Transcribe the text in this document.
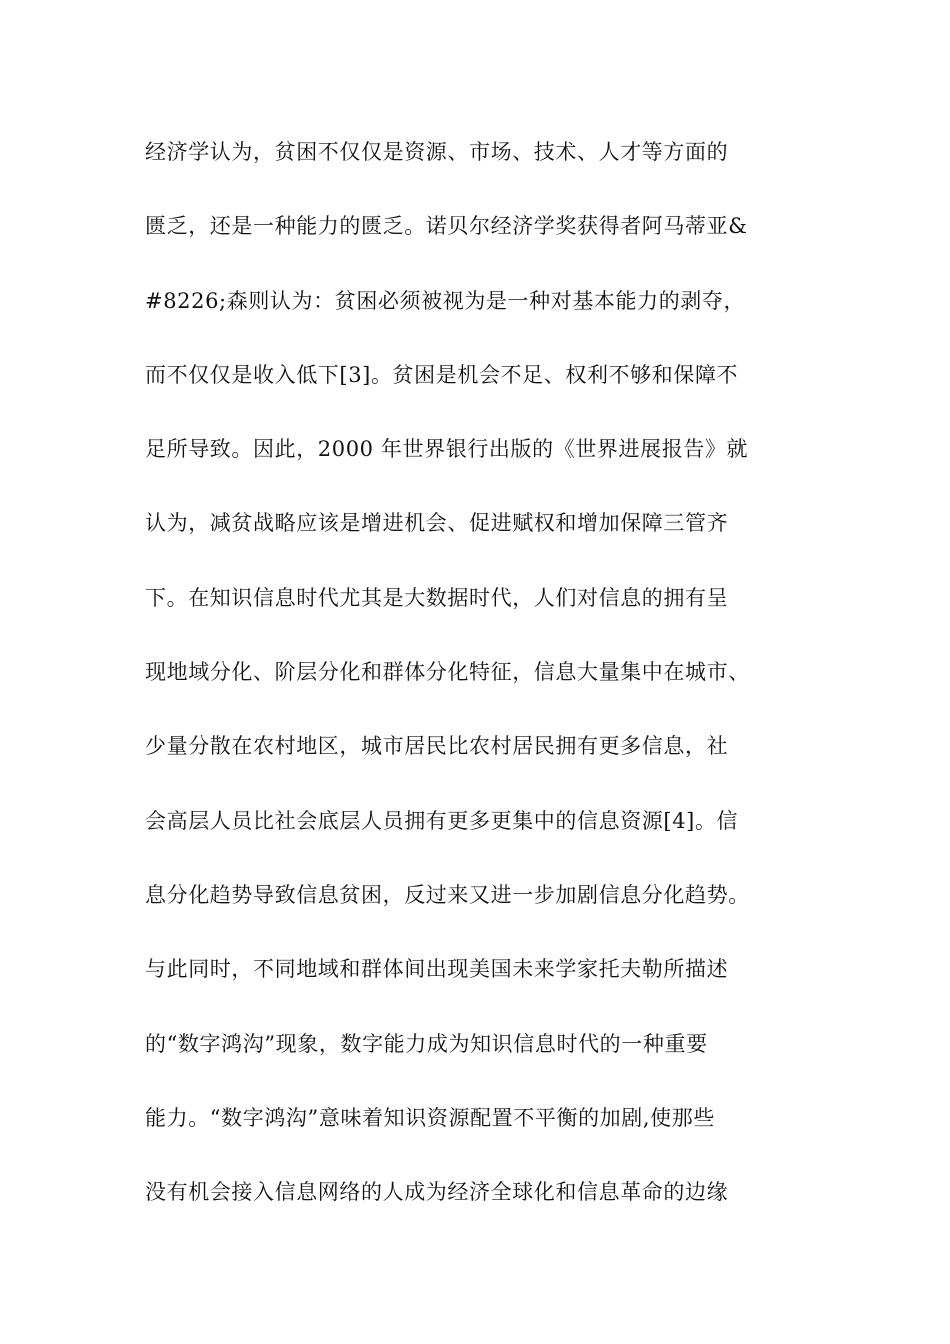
经济学认为，贫困不仅仅是资源、市场、技术、人才等方面的
匮乏，还是一种能力的匮乏。诺贝尔经济学奖获得者阿马蒂亚&
#8226;森则认为：贫困必须被视为是一种对基本能力的剥夺，
而不仅仅是收入低下[3]。贫困是机会不足、权利不够和保障不
足所导致。因此，2000 年世界银行出版的《世界进展报告》就
认为，减贫战略应该是增进机会、促进赋权和增加保障三管齐
下。在知识信息时代尤其是大数据时代，人们对信息的拥有呈
现地域分化、阶层分化和群体分化特征，信息大量集中在城市、
少量分散在农村地区，城市居民比农村居民拥有更多信息，社
会高层人员比社会底层人员拥有更多更集中的信息资源[4]。信
息分化趋势导致信息贫困，反过来又进一步加剧信息分化趋势。
与此同时，不同地域和群体间出现美国未来学家托夫勒所描述
的“数字鸿沟”现象，数字能力成为知识信息时代的一种重要
能力。“数字鸿沟”意味着知识资源配置不平衡的加剧,使那些
没有机会接入信息网络的人成为经济全球化和信息革命的边缘
